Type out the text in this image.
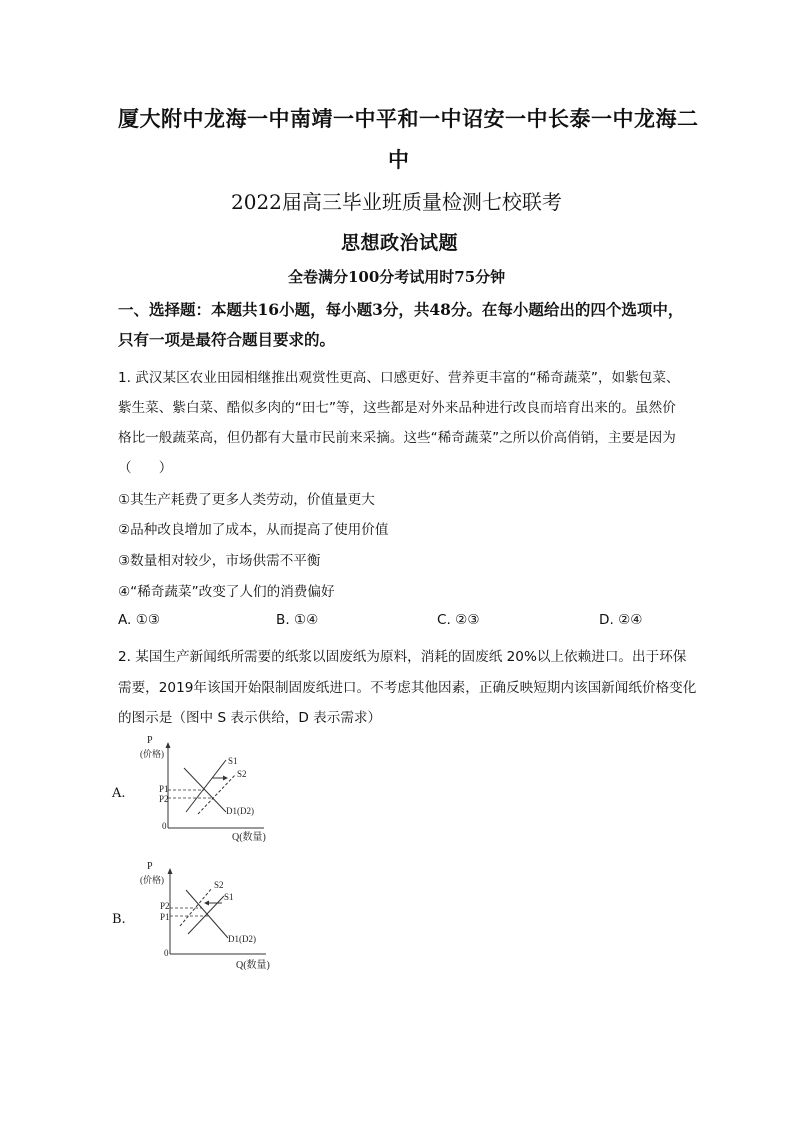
厦大附中龙海一中南靖一中平和一中诏安一中长泰一中龙海二
中
2022届高三毕业班质量检测七校联考
思想政治试题
全卷满分100分考试用时75分钟
一、选择题：本题共16小题，每小题3分，共48分。在每小题给出的四个选项中，
只有一项是最符合题目要求的。
1. 武汉某区农业田园相继推出观赏性更高、口感更好、营养更丰富的“稀奇蔬菜”，如紫包菜、
紫生菜、紫白菜、酷似多肉的“田七”等，这些都是对外来品种进行改良而培育出来的。虽然价
格比一般蔬菜高，但仍都有大量市民前来采摘。这些“稀奇蔬菜”之所以价高俏销，主要是因为
（　　）
①其生产耗费了更多人类劳动，价值量更大
②品种改良增加了成本，从而提高了使用价值
③数量相对较少，市场供需不平衡
④“稀奇蔬菜”改变了人们的消费偏好
A. ①③	B. ①④	C. ②③	D. ②④
2. 某国生产新闻纸所需要的纸浆以固废纸为原料，消耗的固废纸 20%以上依赖进口。出于环保
需要，2019年该国开始限制固废纸进口。不考虑其他因素，正确反映短期内该国新闻纸价格变化
的图示是（图中 S 表示供给，D 表示需求）
A.
P
(价格)
0
Q(数量)
D1(D2)
S1
S2
P1
P2
B.
P
(价格)
0
Q(数量)
D1(D2)
S1
S2
P2
P1
